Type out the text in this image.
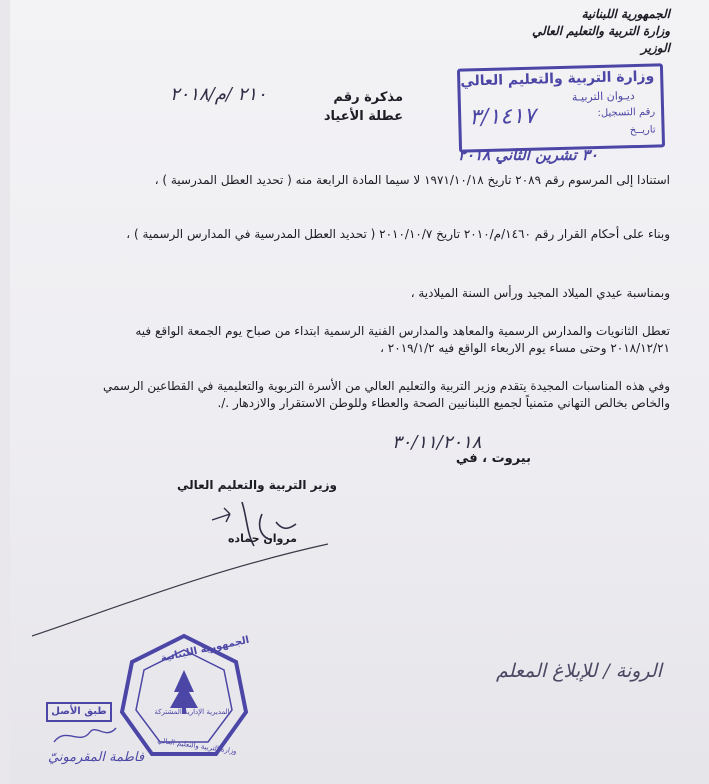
الجمهورية اللبنانية
وزارة التربية والتعليم العالي
الوزير
وزارة التربية والتعليم العالي
ديـوان التربيـة
رقم التسجيل:
تاريــخ
٣/١٤١٧
٣٠ تشرين الثاني ٢٠١٨
مذكرة رقم
عطلة الأعياد
٢١٠ /م/٢٠١٨
استنادا إلى المرسوم رقم ٢٠٨٩ تاريخ ١٩٧١/١٠/١٨ لا سيما المادة الرابعة منه ( تحديد العطل المدرسية ) ،
وبناء على أحكام القرار رقم ١٤٦٠/م/٢٠١٠ تاريخ ٢٠١٠/١٠/٧ ( تحديد العطل المدرسية في المدارس الرسمية ) ،
وبمناسبة عيدي الميلاد المجيد ورأس السنة الميلادية ،
تعطل الثانويات والمدارس الرسمية والمعاهد والمدارس الفنية الرسمية ابتداء من صباح يوم الجمعة الواقع فيه ٢٠١٨/١٢/٢١ وحتى مساء يوم الاربعاء الواقع فيه ٢٠١٩/١/٢ ،
وفي هذه المناسبات المجيدة يتقدم وزير التربية والتعليم العالي من الأسرة التربوية والتعليمية في القطاعين الرسمي والخاص بخالص التهاني متمنياً لجميع اللبنانيين الصحة والعطاء وللوطن الاستقرار والازدهار ./.
بيروت ، في
٣٠/١١/٢٠١٨
وزير التربية والتعليم العالي
مروان حماده
الجمهورية اللبنانية
المديرية الإدارية المشتركة
وزارة التربية والتعليم العالي
طبق الأصل
فاطمة المقرمونيّ
الرونة / للإبلاغ المعلم
